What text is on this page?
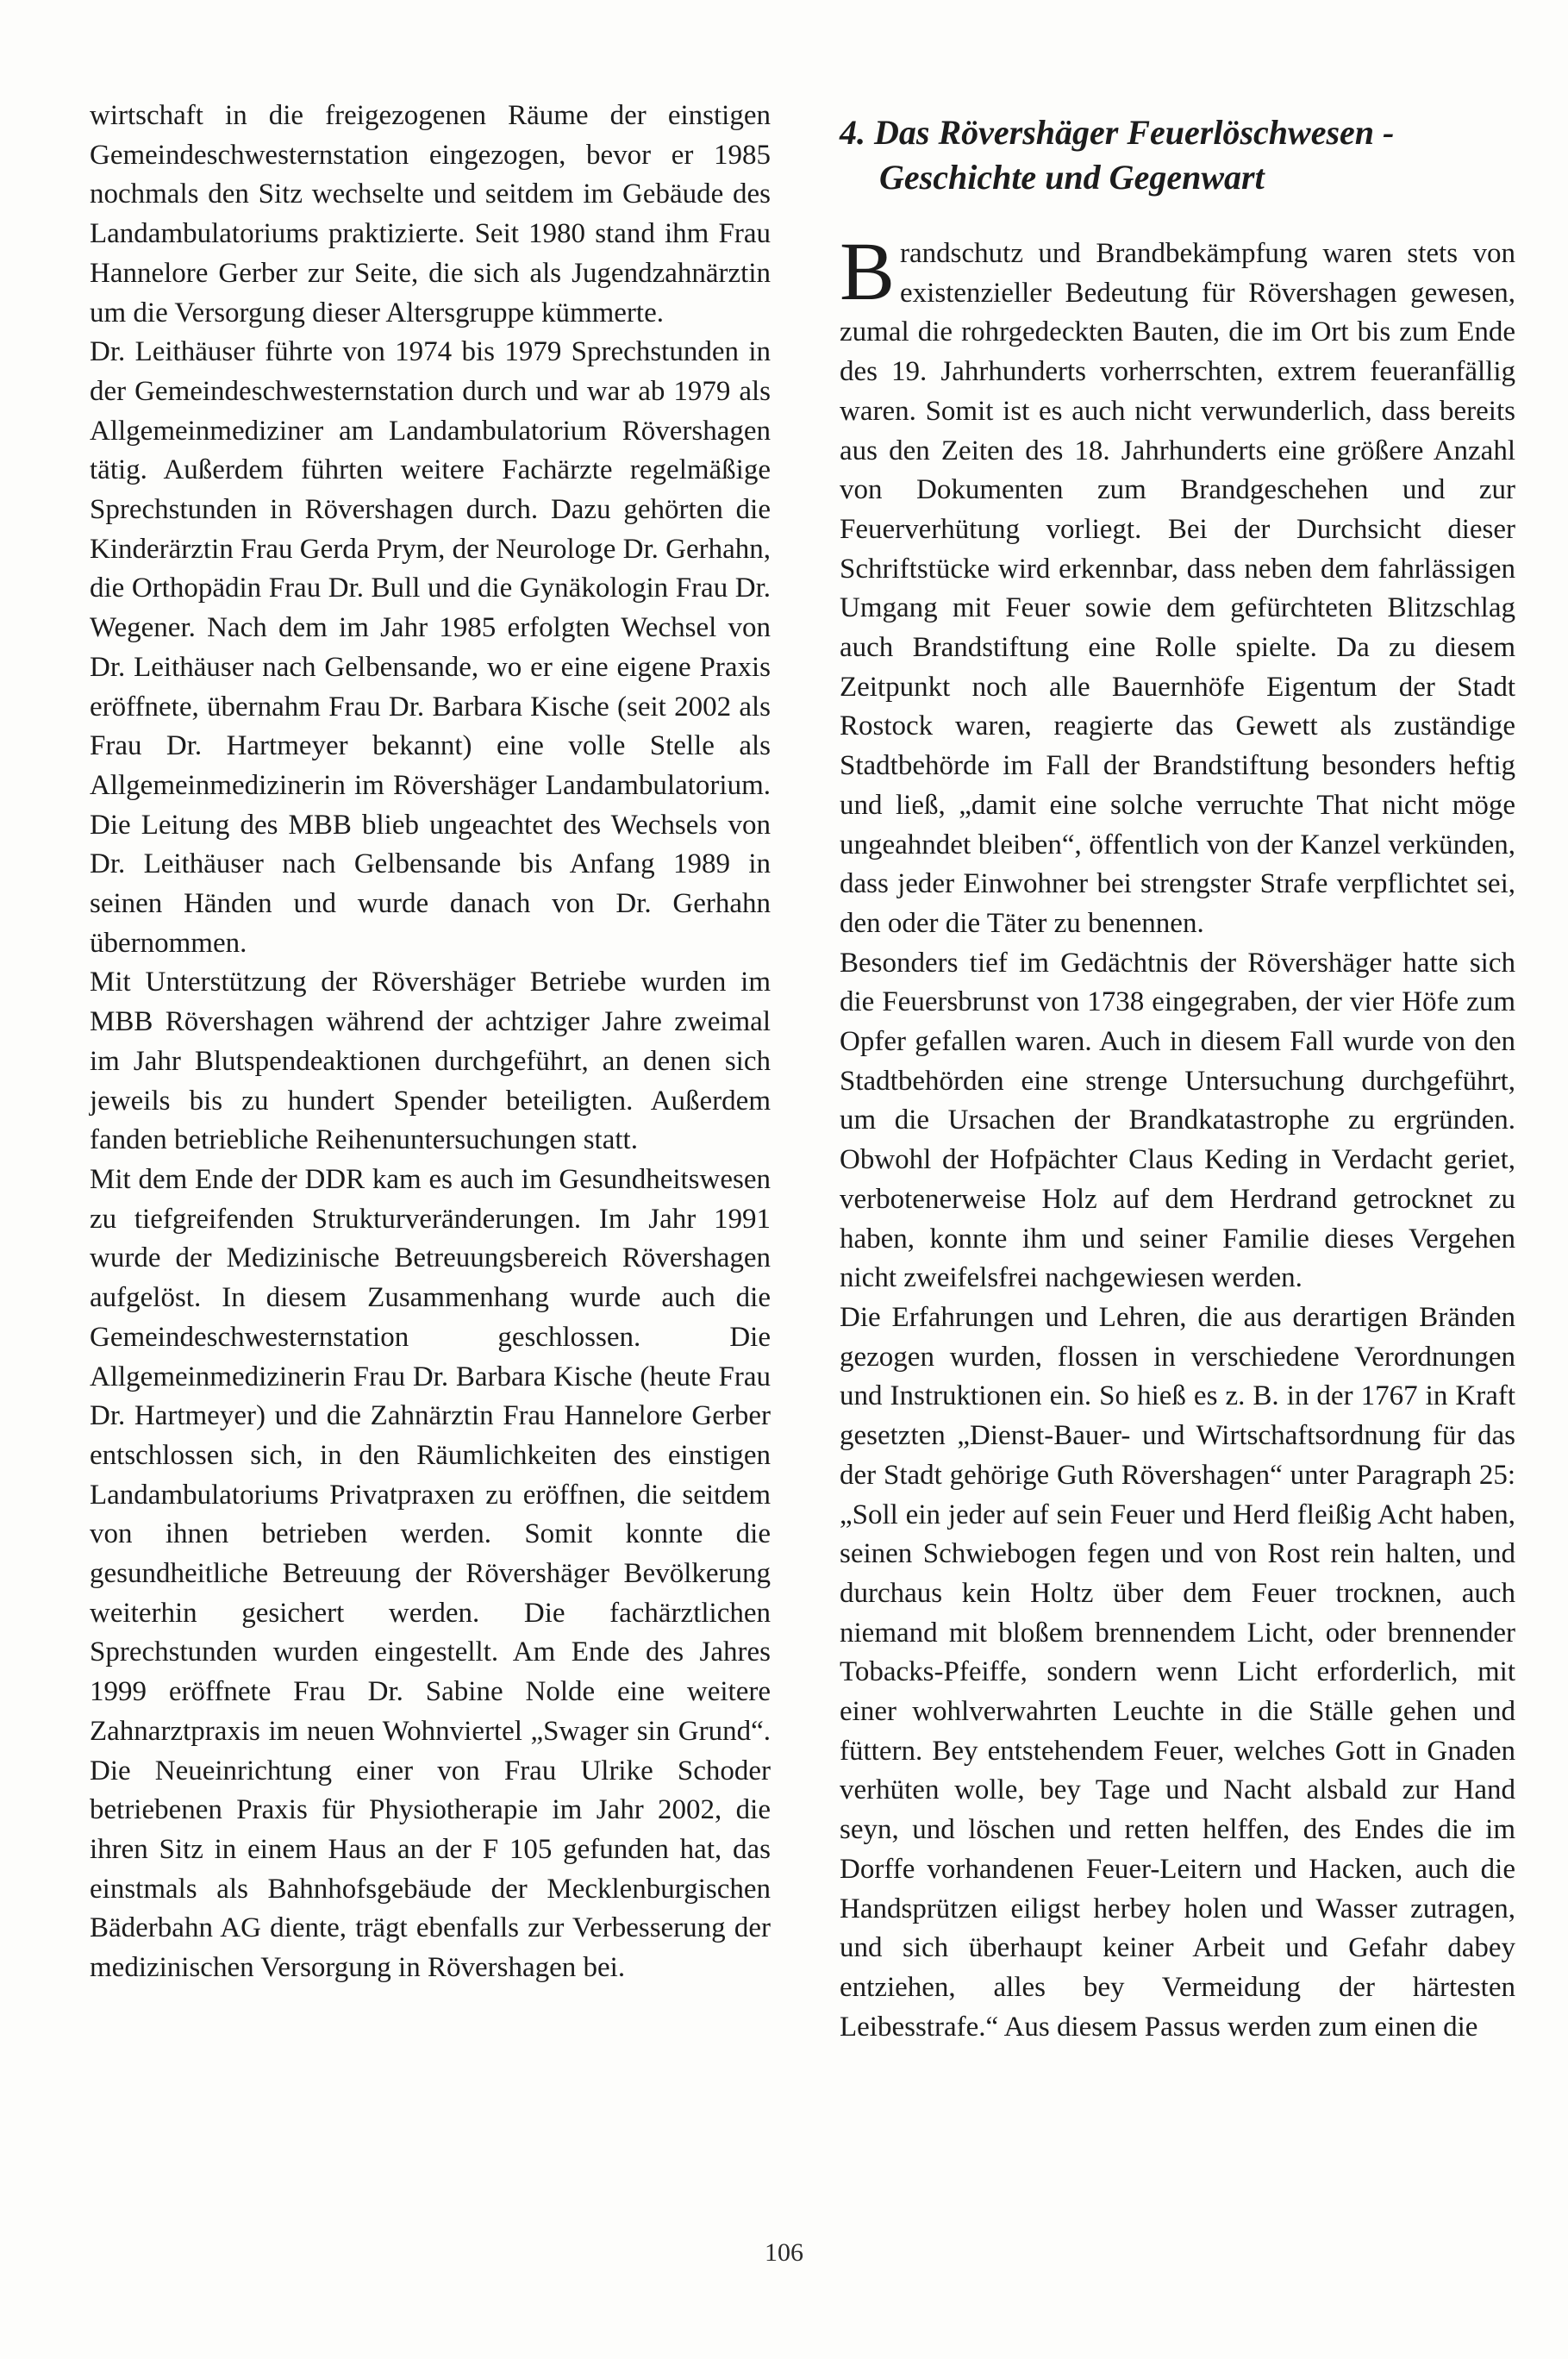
wirtschaft in die freigezogenen Räume der einstigen Gemeindeschwesternstation eingezogen, bevor er 1985 nochmals den Sitz wechselte und seitdem im Gebäude des Landambulatoriums praktizierte. Seit 1980 stand ihm Frau Hannelore Gerber zur Seite, die sich als Jugendzahnärztin um die Versorgung dieser Altersgruppe kümmerte.

Dr. Leithäuser führte von 1974 bis 1979 Sprechstunden in der Gemeindeschwesternstation durch und war ab 1979 als Allgemeinmediziner am Landambulatorium Rövershagen tätig. Außerdem führten weitere Fachärzte regelmäßige Sprechstunden in Rövershagen durch. Dazu gehörten die Kinderärztin Frau Gerda Prym, der Neurologe Dr. Gerhahn, die Orthopädin Frau Dr. Bull und die Gynäkologin Frau Dr. Wegener. Nach dem im Jahr 1985 erfolgten Wechsel von Dr. Leithäuser nach Gelbensande, wo er eine eigene Praxis eröffnete, übernahm Frau Dr. Barbara Kische (seit 2002 als Frau Dr. Hartmeyer bekannt) eine volle Stelle als Allgemeinmedizinerin im Rövershäger Landambulatorium. Die Leitung des MBB blieb ungeachtet des Wechsels von Dr. Leithäuser nach Gelbensande bis Anfang 1989 in seinen Händen und wurde danach von Dr. Gerhahn übernommen.

Mit Unterstützung der Rövershäger Betriebe wurden im MBB Rövershagen während der achtziger Jahre zweimal im Jahr Blutspendeaktionen durchgeführt, an denen sich jeweils bis zu hundert Spender beteiligten. Außerdem fanden betriebliche Reihenuntersuchungen statt.

Mit dem Ende der DDR kam es auch im Gesundheitswesen zu tiefgreifenden Strukturveränderungen. Im Jahr 1991 wurde der Medizinische Betreuungsbereich Rövershagen aufgelöst. In diesem Zusammenhang wurde auch die Gemeindeschwesternstation geschlossen. Die Allgemeinmedizinerin Frau Dr. Barbara Kische (heute Frau Dr. Hartmeyer) und die Zahnärztin Frau Hannelore Gerber entschlossen sich, in den Räumlichkeiten des einstigen Landambulatoriums Privatpraxen zu eröffnen, die seitdem von ihnen betrieben werden. Somit konnte die gesundheitliche Betreuung der Rövershäger Bevölkerung weiterhin gesichert werden. Die fachärztlichen Sprechstunden wurden eingestellt. Am Ende des Jahres 1999 eröffnete Frau Dr. Sabine Nolde eine weitere Zahnarztpraxis im neuen Wohnviertel „Swager sin Grund“. Die Neueinrichtung einer von Frau Ulrike Schoder betriebenen Praxis für Physiotherapie im Jahr 2002, die ihren Sitz in einem Haus an der F 105 gefunden hat, das einstmals als Bahnhofsgebäude der Mecklenburgischen Bäderbahn AG diente, trägt ebenfalls zur Verbesserung der medizinischen Versorgung in Rövershagen bei.

4. Das Rövershäger Feuerlöschwesen -
Geschichte und Gegenwart

Brandschutz und Brandbekämpfung waren stets von existenzieller Bedeutung für Rövershagen gewesen, zumal die rohrgedeckten Bauten, die im Ort bis zum Ende des 19. Jahrhunderts vorherrschten, extrem feueranfällig waren. Somit ist es auch nicht verwunderlich, dass bereits aus den Zeiten des 18. Jahrhunderts eine größere Anzahl von Dokumenten zum Brandgeschehen und zur Feuerverhütung vorliegt. Bei der Durchsicht dieser Schriftstücke wird erkennbar, dass neben dem fahrlässigen Umgang mit Feuer sowie dem gefürchteten Blitzschlag auch Brandstiftung eine Rolle spielte. Da zu diesem Zeitpunkt noch alle Bauernhöfe Eigentum der Stadt Rostock waren, reagierte das Gewett als zuständige Stadtbehörde im Fall der Brandstiftung besonders heftig und ließ, „damit eine solche verruchte That nicht möge ungeahndet bleiben“, öffentlich von der Kanzel verkünden, dass jeder Einwohner bei strengster Strafe verpflichtet sei, den oder die Täter zu benennen.

Besonders tief im Gedächtnis der Rövershäger hatte sich die Feuersbrunst von 1738 eingegraben, der vier Höfe zum Opfer gefallen waren. Auch in diesem Fall wurde von den Stadtbehörden eine strenge Untersuchung durchgeführt, um die Ursachen der Brandkatastrophe zu ergründen. Obwohl der Hofpächter Claus Keding in Verdacht geriet, verbotenerweise Holz auf dem Herdrand getrocknet zu haben, konnte ihm und seiner Familie dieses Vergehen nicht zweifelsfrei nachgewiesen werden.

Die Erfahrungen und Lehren, die aus derartigen Bränden gezogen wurden, flossen in verschiedene Verordnungen und Instruktionen ein. So hieß es z. B. in der 1767 in Kraft gesetzten „Dienst-Bauer- und Wirtschaftsordnung für das der Stadt gehörige Guth Rövershagen“ unter Paragraph 25: „Soll ein jeder auf sein Feuer und Herd fleißig Acht haben, seinen Schwiebogen fegen und von Rost rein halten, und durchaus kein Holtz über dem Feuer trocknen, auch niemand mit bloßem brennendem Licht, oder brennender Tobacks-Pfeiffe, sondern wenn Licht erforderlich, mit einer wohlverwahrten Leuchte in die Ställe gehen und füttern. Bey entstehendem Feuer, welches Gott in Gnaden verhüten wolle, bey Tage und Nacht alsbald zur Hand seyn, und löschen und retten helffen, des Endes die im Dorffe vorhandenen Feuer-Leitern und Hacken, auch die Handsprützen eiligst herbey holen und Wasser zutragen, und sich überhaupt keiner Arbeit und Gefahr dabey entziehen, alles bey Vermeidung der härtesten Leibesstrafe.“ Aus diesem Passus werden zum einen die

106
